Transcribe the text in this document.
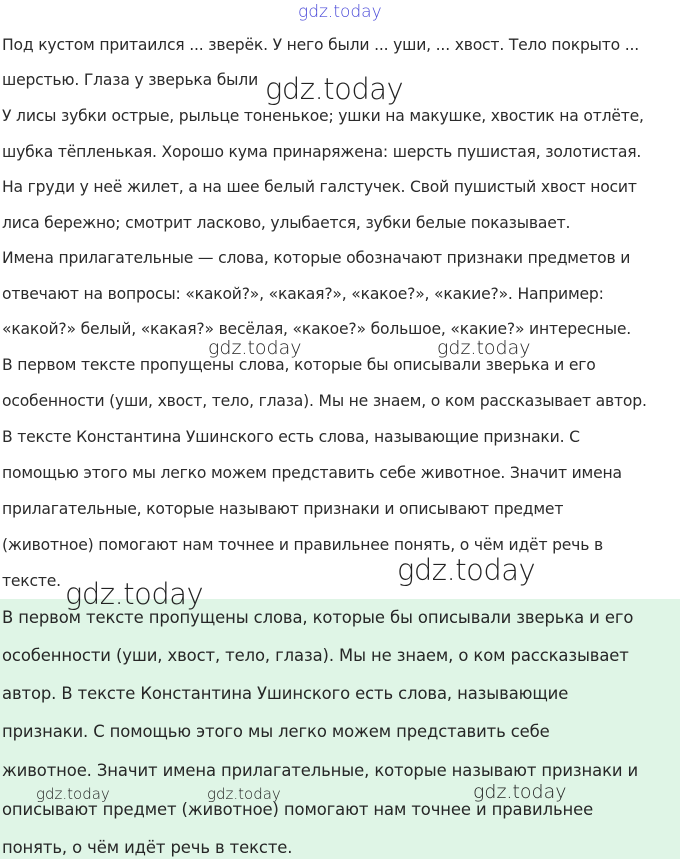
Под кустом притаился ... зверёк. У него были ... уши, ... хвост. Тело покрыто ...
шерстью. Глаза у зверька были
У лисы зубки острые, рыльце тоненькое; ушки на макушке, хвостик на отлёте,
шубка тёпленькая. Хорошо кума принаряжена: шерсть пушистая, золотистая.
На груди у неё жилет, а на шее белый галстучек. Свой пушистый хвост носит
лиса бережно; смотрит ласково, улыбается, зубки белые показывает.
Имена прилагательные — слова, которые обозначают признаки предметов и
отвечают на вопросы: «какой?», «какая?», «какое?», «какие?». Например:
«какой?» белый, «какая?» весёлая, «какое?» большое, «какие?» интересные.
В первом тексте пропущены слова, которые бы описывали зверька и его
особенности (уши, хвост, тело, глаза). Мы не знаем, о ком рассказывает автор.
В тексте Константина Ушинского есть слова, называющие признаки. С
помощью этого мы легко можем представить себе животное. Значит имена
прилагательные, которые называют признаки и описывают предмет
(животное) помогают нам точнее и правильнее понять, о чём идёт речь в
тексте.
В первом тексте пропущены слова, которые бы описывали зверька и его
особенности (уши, хвост, тело, глаза). Мы не знаем, о ком рассказывает
автор. В тексте Константина Ушинского есть слова, называющие
признаки. С помощью этого мы легко можем представить себе
животное. Значит имена прилагательные, которые называют признаки и
описывают предмет (животное) помогают нам точнее и правильнее
понять, о чём идёт речь в тексте.
gdz.today
gdz.today
gdz.today	gdz.today
gdz.today
gdz.today
gdz.today	gdz.today	gdz.today
